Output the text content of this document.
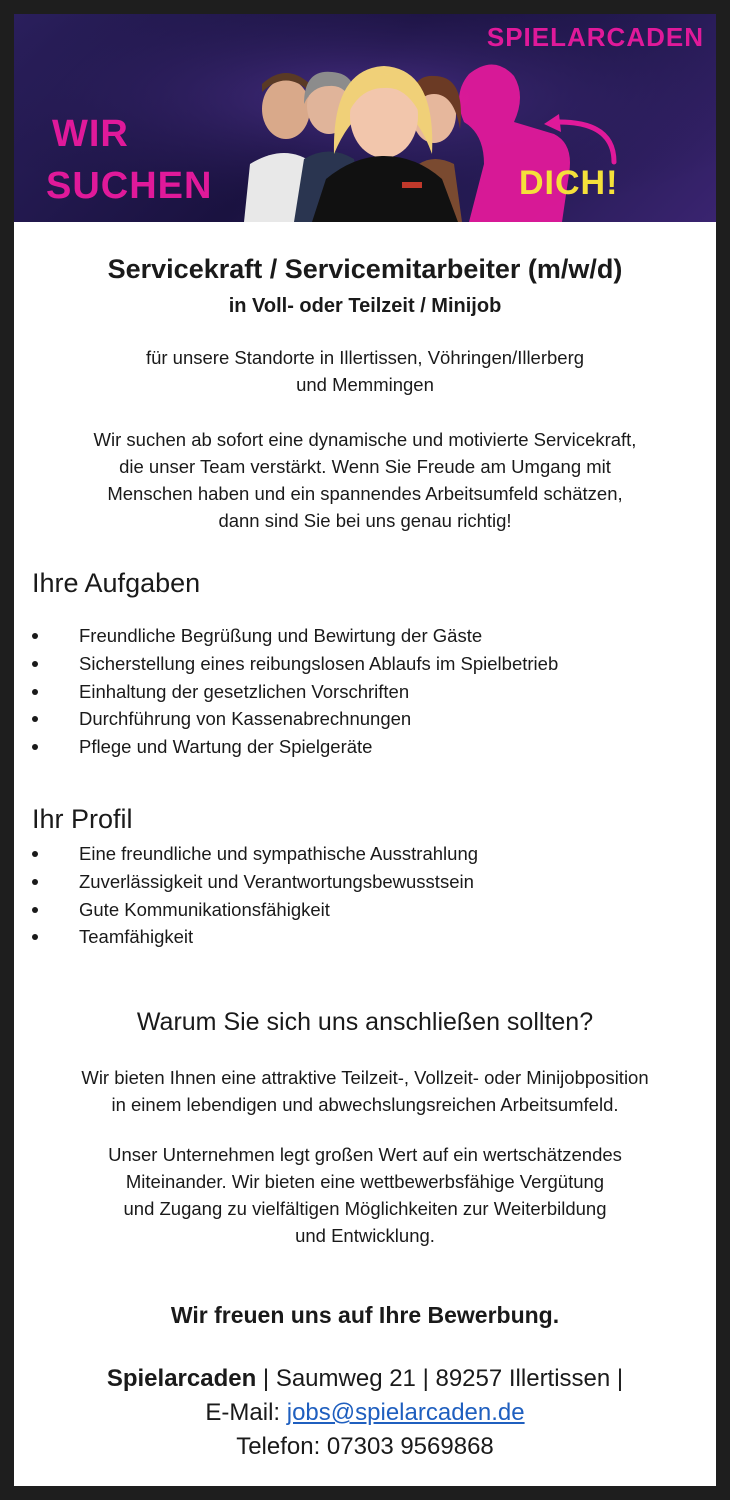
SPIELARCADEN
WIR
SUCHEN	DICH!
Servicekraft / Servicemitarbeiter (m/w/d)
in Voll- oder Teilzeit / Minijob
für unsere Standorte in Illertissen, Vöhringen/Illerberg
und Memmingen
Wir suchen ab sofort eine dynamische und motivierte Servicekraft,
die unser Team verstärkt. Wenn Sie Freude am Umgang mit
Menschen haben und ein spannendes Arbeitsumfeld schätzen,
dann sind Sie bei uns genau richtig!
Ihre Aufgaben
Freundliche Begrüßung und Bewirtung der Gäste
Sicherstellung eines reibungslosen Ablaufs im Spielbetrieb
Einhaltung der gesetzlichen Vorschriften
Durchführung von Kassenabrechnungen
Pflege und Wartung der Spielgeräte
Ihr Profil
Eine freundliche und sympathische Ausstrahlung
Zuverlässigkeit und Verantwortungsbewusstsein
Gute Kommunikationsfähigkeit
Teamfähigkeit
Warum Sie sich uns anschließen sollten?
Wir bieten Ihnen eine attraktive Teilzeit-, Vollzeit- oder Minijobposition
in einem lebendigen und abwechslungsreichen Arbeitsumfeld.
Unser Unternehmen legt großen Wert auf ein wertschätzendes
Miteinander. Wir bieten eine wettbewerbsfähige Vergütung
und Zugang zu vielfältigen Möglichkeiten zur Weiterbildung
und Entwicklung.
Wir freuen uns auf Ihre Bewerbung.
Spielarcaden | Saumweg 21 | 89257 Illertissen |
E-Mail: jobs@spielarcaden.de
Telefon: 07303 9569868
